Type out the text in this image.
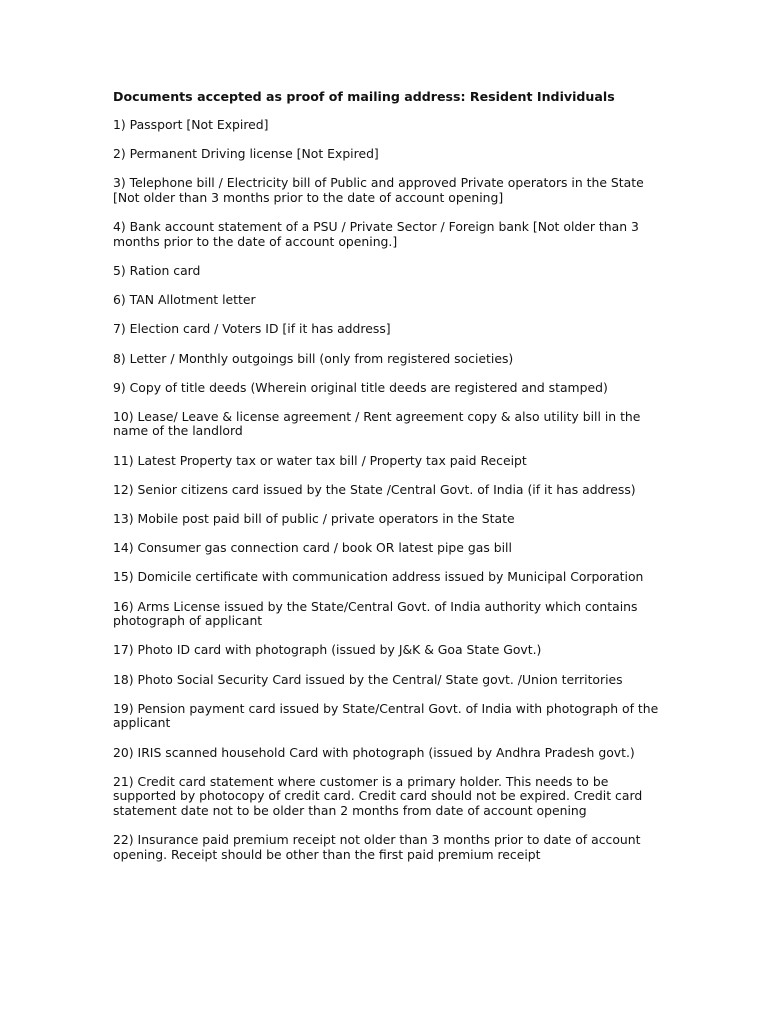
Documents accepted as proof of mailing address: Resident Individuals
1) Passport [Not Expired]
2) Permanent Driving license [Not Expired]
3) Telephone bill / Electricity bill of Public and approved Private operators in the State [Not older than 3 months prior to the date of account opening]
4) Bank account statement of a PSU / Private Sector / Foreign bank [Not older than 3 months prior to the date of account opening.]
5) Ration card
6) TAN Allotment letter
7) Election card / Voters ID [if it has address]
8) Letter / Monthly outgoings bill (only from registered societies)
9) Copy of title deeds (Wherein original title deeds are registered and stamped)
10) Lease/ Leave & license agreement / Rent agreement copy & also utility bill in the name of the landlord
11) Latest Property tax or water tax bill / Property tax paid Receipt
12) Senior citizens card issued by the State /Central Govt. of India (if it has address)
13) Mobile post paid bill of public / private operators in the State
14) Consumer gas connection card / book OR latest pipe gas bill
15) Domicile certificate with communication address issued by Municipal Corporation
16) Arms License issued by the State/Central Govt. of India authority which contains photograph of applicant
17) Photo ID card with photograph (issued by J&K & Goa State Govt.)
18) Photo Social Security Card issued by the Central/ State govt. /Union territories
19) Pension payment card issued by State/Central Govt. of India with photograph of the applicant
20) IRIS scanned household Card with photograph (issued by Andhra Pradesh govt.)
21) Credit card statement where customer is a primary holder. This needs to be supported by photocopy of credit card. Credit card should not be expired. Credit card statement date not to be older than 2 months from date of account opening
22) Insurance paid premium receipt not older than 3 months prior to date of account opening. Receipt should be other than the first paid premium receipt
